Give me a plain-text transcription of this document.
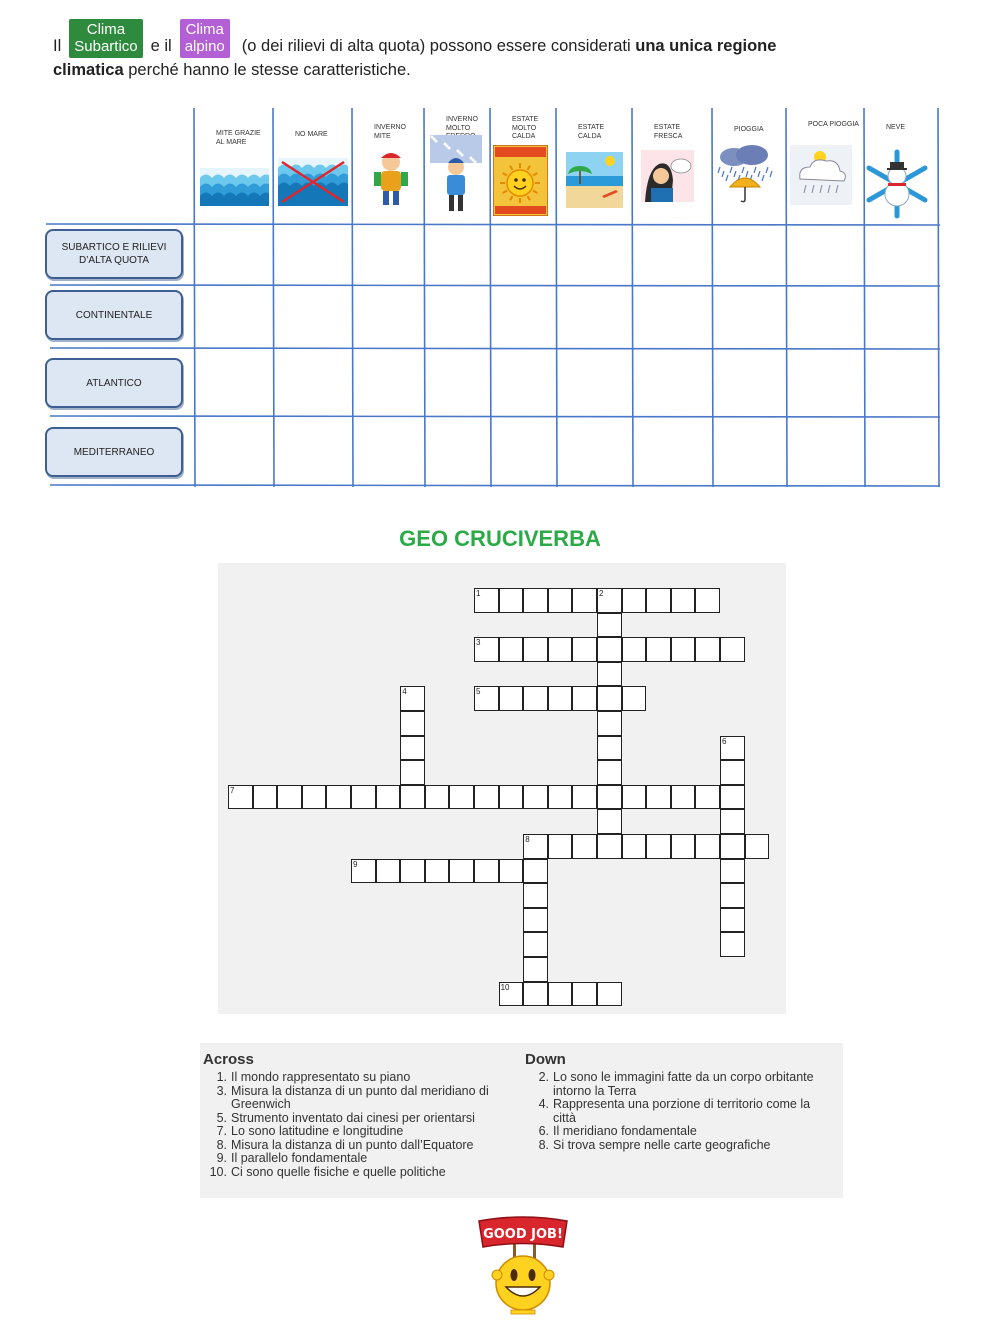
Il
Clima
Subartico e il
Clima
alpino	(o dei rilievi di alta quota) possono essere considerati una unica regione
climatica perché hanno le stesse caratteristiche.
MITE GRAZIE AL MARE
NO MARE
INVERNO MITE
INVERNO MOLTO
ESTATE MOLTO CALDA
ESTATE CALDA
ESTATE FRESCA
PIOGGIA
POCA PIOGGIA	NEVE
SUBARTICO E RILIEVI D’ALTA QUOTA
CONTINENTALE
ATLANTICO
MEDITERRANEO
GEO CRUCIVERBA
1	2
3
5
7
8
9
10
4
6
Across
1. Il mondo rappresentato su piano
3. Misura la distanza di un punto dal meridiano di Greenwich
5. Strumento inventato dai cinesi per orientarsi
7. Lo sono latitudine e longitudine
8. Misura la distanza di un punto dall’Equatore
9. Il parallelo fondamentale
10. Ci sono quelle fisiche e quelle politiche
Down
2. Lo sono le immagini fatte da un corpo orbitante intorno la Terra
4. Rappresenta una porzione di territorio come la città
6. Il meridiano fondamentale
8. Si trova sempre nelle carte geografiche
GOOD JOB!
